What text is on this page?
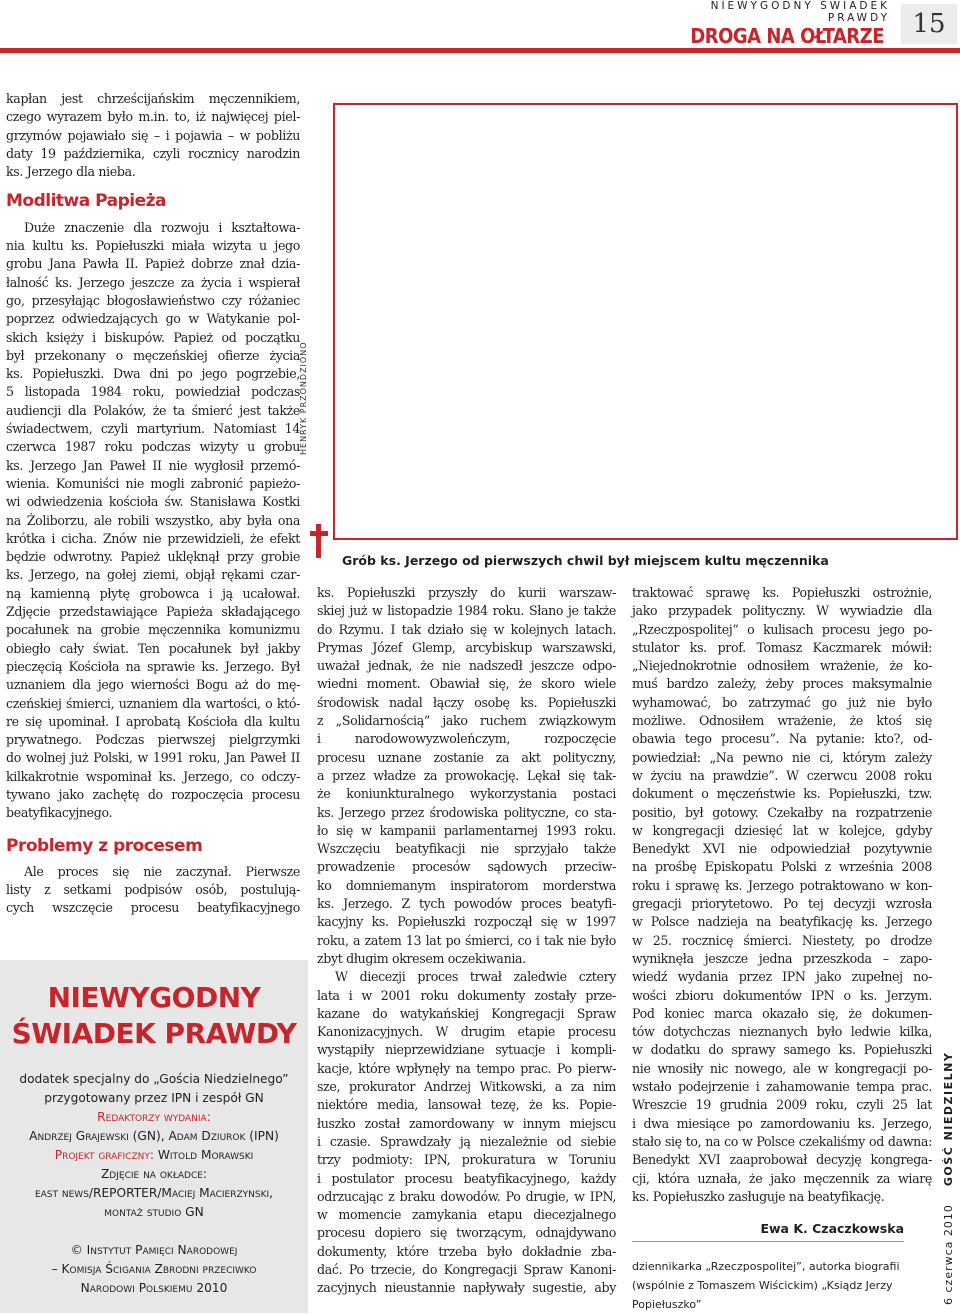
NIEWYGODNY ŚWIADEK PRAWDY
DROGA NA OŁTARZE	15
kapłan jest chrześcijańskim męczennikiem,
czego wyrazem było m.in. to, iż najwięcej piel-
grzymów pojawiało się – i pojawia – w pobliżu
daty 19 października, czyli rocznicy narodzin
ks. Jerzego dla nieba.
Modlitwa Papieża
Duże znaczenie dla rozwoju i kształtowa-
nia kultu ks. Popiełuszki miała wizyta u jego
grobu Jana Pawła II. Papież dobrze znał dzia-
łalność ks. Jerzego jeszcze za życia i wspierał
go, przesyłając błogosławieństwo czy różaniec
poprzez odwiedzających go w Watykanie pol-
skich księży i biskupów. Papież od początku
był przekonany o męczeńskiej ofierze życia
ks. Popiełuszki. Dwa dni po jego pogrzebie,
5 listopada 1984 roku, powiedział podczas
audiencji dla Polaków, że ta śmierć jest także
świadectwem, czyli martyrium. Natomiast 14
czerwca 1987 roku podczas wizyty u grobu
ks. Jerzego Jan Paweł II nie wygłosił przemó-
wienia. Komuniści nie mogli zabronić papieżo-
wi odwiedzenia kościoła św. Stanisława Kostki
na Żoliborzu, ale robili wszystko, aby była ona
krótka i cicha. Znów nie przewidzieli, że efekt
będzie odwrotny. Papież uklęknął przy grobie
ks. Jerzego, na gołej ziemi, objął rękami czar-
ną kamienną płytę grobowca i ją ucałował.
Zdjęcie przedstawiające Papieża składającego
pocałunek na grobie męczennika komunizmu
obiegło cały świat. Ten pocałunek był jakby
pieczęcią Kościoła na sprawie ks. Jerzego. Był
uznaniem dla jego wierności Bogu aż do mę-
czeńskiej śmierci, uznaniem dla wartości, o któ-
re się upominał. I aprobatą Kościoła dla kultu
prywatnego. Podczas pierwszej pielgrzymki
do wolnej już Polski, w 1991 roku, Jan Paweł II
kilkakrotnie wspominał ks. Jerzego, co odczy-
tywano jako zachętę do rozpoczęcia procesu
beatyfikacyjnego.
Problemy z procesem
Ale proces się nie zaczynał. Pierwsze
listy z setkami podpisów osób, postulują-
cych wszczęcie procesu beatyfikacyjnego
HENRYK PRZONDZIONO
Grób ks. Jerzego od pierwszych chwil był miejscem kultu męczennika
ks. Popiełuszki przyszły do kurii warszaw-
skiej już w listopadzie 1984 roku. Słano je także
do Rzymu. I tak działo się w kolejnych latach.
Prymas Józef Glemp, arcybiskup warszawski,
uważał jednak, że nie nadszedł jeszcze odpo-
wiedni moment. Obawiał się, że skoro wiele
środowisk nadal łączy osobę ks. Popiełuszki
z „Solidarnością” jako ruchem związkowym
i narodowowyzwoleńczym, rozpoczęcie
procesu uznane zostanie za akt polityczny,
a przez władze za prowokację. Lękał się tak-
że koniunkturalnego wykorzystania postaci
ks. Jerzego przez środowiska polityczne, co sta-
ło się w kampanii parlamentarnej 1993 roku.
Wszczęciu beatyfikacji nie sprzyjało także
prowadzenie procesów sądowych przeciw-
ko domniemanym inspiratorom morderstwa
ks. Jerzego. Z tych powodów proces beatyfi-
kacyjny ks. Popiełuszki rozpoczął się w 1997
roku, a zatem 13 lat po śmierci, co i tak nie było
zbyt długim okresem oczekiwania.
W diecezji proces trwał zaledwie cztery
lata i w 2001 roku dokumenty zostały prze-
kazane do watykańskiej Kongregacji Spraw
Kanonizacyjnych. W drugim etapie procesu
wystąpiły nieprzewidziane sytuacje i kompli-
kacje, które wpłynęły na tempo prac. Po pierw-
sze, prokurator Andrzej Witkowski, a za nim
niektóre media, lansował tezę, że ks. Popie-
łuszko został zamordowany w innym miejscu
i czasie. Sprawdzały ją niezależnie od siebie
trzy podmioty: IPN, prokuratura w Toruniu
i postulator procesu beatyfikacyjnego, każdy
odrzucając z braku dowodów. Po drugie, w IPN,
w momencie zamykania etapu diecezjalnego
procesu dopiero się tworzącym, odnajdywano
dokumenty, które trzeba było dokładnie zba-
dać. Po trzecie, do Kongregacji Spraw Kanoni-
zacyjnych nieustannie napływały sugestie, aby
traktować sprawę ks. Popiełuszki ostrożnie,
jako przypadek polityczny. W wywiadzie dla
„Rzeczpospolitej” o kulisach procesu jego po-
stulator ks. prof. Tomasz Kaczmarek mówił:
„Niejednokrotnie odnosiłem wrażenie, że ko-
muś bardzo zależy, żeby proces maksymalnie
wyhamować, bo zatrzymać go już nie było
możliwe. Odnosiłem wrażenie, że ktoś się
obawia tego procesu”. Na pytanie: kto?, od-
powiedział: „Na pewno nie ci, którym zależy
w życiu na prawdzie”. W czerwcu 2008 roku
dokument o męczeństwie ks. Popiełuszki, tzw.
positio, był gotowy. Czekałby na rozpatrzenie
w kongregacji dziesięć lat w kolejce, gdyby
Benedykt XVI nie odpowiedział pozytywnie
na prośbę Episkopatu Polski z września 2008
roku i sprawę ks. Jerzego potraktowano w kon-
gregacji priorytetowo. Po tej decyzji wzrosła
w Polsce nadzieja na beatyfikację ks. Jerzego
w 25. rocznicę śmierci. Niestety, po drodze
wyniknęła jeszcze jedna przeszkoda – zapo-
wiedź wydania przez IPN jako zupełnej no-
wości zbioru dokumentów IPN o ks. Jerzym.
Pod koniec marca okazało się, że dokumen-
tów dotychczas nieznanych było ledwie kilka,
w dodatku do sprawy samego ks. Popiełuszki
nie wnosiły nic nowego, ale w kongregacji po-
wstało podejrzenie i zahamowanie tempa prac.
Wreszcie 19 grudnia 2009 roku, czyli 25 lat
i dwa miesiące po zamordowaniu ks. Jerzego,
stało się to, na co w Polsce czekaliśmy od dawna:
Benedykt XVI zaaprobował decyzję kongrega-
cji, która uznała, że jako męczennik za wiarę
ks. Popiełuszko zasługuje na beatyfikację.
Ewa K. Czaczkowska
dziennikarka „Rzeczpospolitej”, autorka biografii
(wspólnie z Tomaszem Wiścickim) „Ksiądz Jerzy
Popiełuszko”
NIEWYGODNY
ŚWIADEK PRAWDY
dodatek specjalny do „Gościa Niedzielnego”
przygotowany przez IPN i zespół GN
Redaktorzy wydania:
Andrzej Grajewski (GN), Adam Dziurok (IPN)
Projekt graficzny: Witold Morawski
Zdjęcie na okładce:
east news/REPORTER/Maciej Macierzynski,
montaż studio GN
© Instytut Pamięci Narodowej
– Komisja Ścigania Zbrodni przeciwko
Narodowi Polskiemu 2010	6 czerwca 2010    GOŚĆ NIEDZIELNY
